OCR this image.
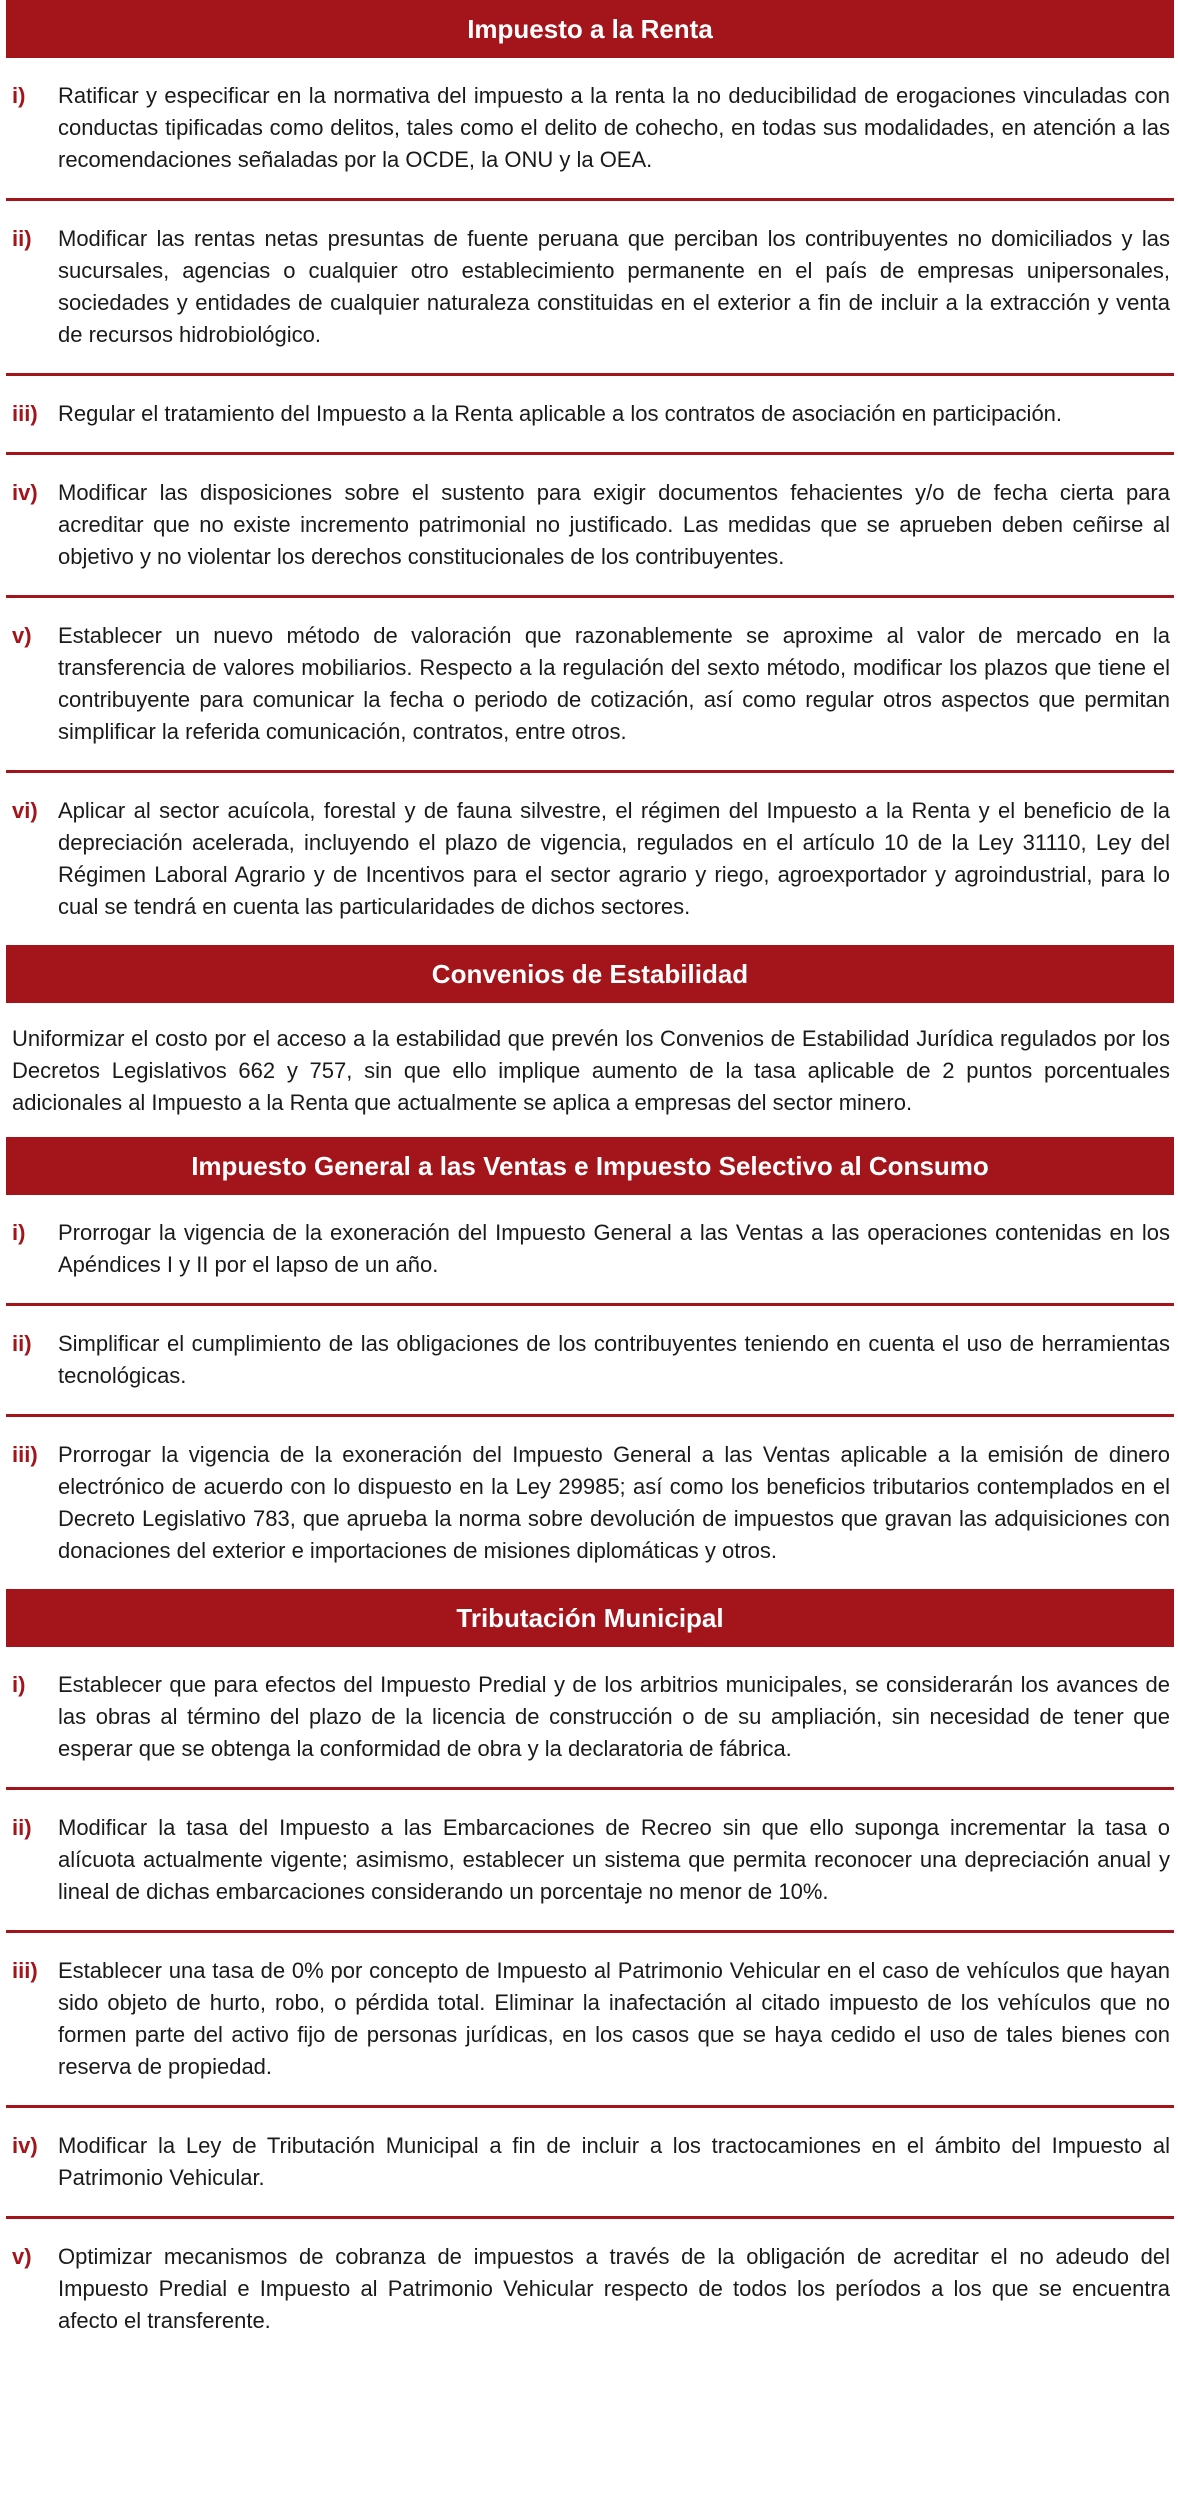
Impuesto a la Renta
i)	Ratificar y especificar en la normativa del impuesto a la renta la no deducibilidad de erogaciones vinculadas con conductas tipificadas como delitos, tales como el delito de cohecho, en todas sus modalidades, en atención a las recomendaciones señaladas por la OCDE, la ONU y la OEA.
ii)	Modificar las rentas netas presuntas de fuente peruana que perciban los contribuyentes no domiciliados y las sucursales, agencias o cualquier otro establecimiento permanente en el país de empresas unipersonales, sociedades y entidades de cualquier naturaleza constituidas en el exterior a fin de incluir a la extracción y venta de recursos hidrobiológico.
iii) Regular el tratamiento del Impuesto a la Renta aplicable a los contratos de asociación en participación.
iv) Modificar las disposiciones sobre el sustento para exigir documentos fehacientes y/o de fecha cierta para acreditar que no existe incremento patrimonial no justificado. Las medidas que se aprueben deben ceñirse al objetivo y no violentar los derechos constitucionales de los contribuyentes.
v)	Establecer un nuevo método de valoración que razonablemente se aproxime al valor de mercado en la transferencia de valores mobiliarios. Respecto a la regulación del sexto método, modificar los plazos que tiene el contribuyente para comunicar la fecha o periodo de cotización, así como regular otros aspectos que permitan simplificar la referida comunicación, contratos, entre otros.
vi) Aplicar al sector acuícola, forestal y de fauna silvestre, el régimen del Impuesto a la Renta y el beneficio de la depreciación acelerada, incluyendo el plazo de vigencia, regulados en el artículo 10 de la Ley 31110, Ley del Régimen Laboral Agrario y de Incentivos para el sector agrario y riego, agroexportador y agroindustrial, para lo cual se tendrá en cuenta las particularidades de dichos sectores.
Convenios de Estabilidad
Uniformizar el costo por el acceso a la estabilidad que prevén los Convenios de Estabilidad Jurídica regulados por los Decretos Legislativos 662 y 757, sin que ello implique aumento de la tasa aplicable de 2 puntos porcentuales adicionales al Impuesto a la Renta que actualmente se aplica a empresas del sector minero.
Impuesto General a las Ventas e Impuesto Selectivo al Consumo
i)	Prorrogar la vigencia de la exoneración del Impuesto General a las Ventas a las operaciones contenidas en los Apéndices I y II por el lapso de un año.
ii)	Simplificar el cumplimiento de las obligaciones de los contribuyentes teniendo en cuenta el uso de herramientas tecnológicas.
iii) Prorrogar la vigencia de la exoneración del Impuesto General a las Ventas aplicable a la emisión de dinero electrónico de acuerdo con lo dispuesto en la Ley 29985; así como los beneficios tributarios contemplados en el Decreto Legislativo 783, que aprueba la norma sobre devolución de impuestos que gravan las adquisiciones con donaciones del exterior e importaciones de misiones diplomáticas y otros.
Tributación Municipal
i)	Establecer que para efectos del Impuesto Predial y de los arbitrios municipales, se considerarán los avances de las obras al término del plazo de la licencia de construcción o de su ampliación, sin necesidad de tener que esperar que se obtenga la conformidad de obra y la declaratoria de fábrica.
ii)	Modificar la tasa del Impuesto a las Embarcaciones de Recreo sin que ello suponga incrementar la tasa o alícuota actualmente vigente; asimismo, establecer un sistema que permita reconocer una depreciación anual y lineal de dichas embarcaciones considerando un porcentaje no menor de 10%.
iii) Establecer una tasa de 0% por concepto de Impuesto al Patrimonio Vehicular en el caso de vehículos que hayan sido objeto de hurto, robo, o pérdida total. Eliminar la inafectación al citado impuesto de los vehículos que no formen parte del activo fijo de personas jurídicas, en los casos que se haya cedido el uso de tales bienes con reserva de propiedad.
iv) Modificar la Ley de Tributación Municipal a fin de incluir a los tractocamiones en el ámbito del Impuesto al Patrimonio Vehicular.
v)	Optimizar mecanismos de cobranza de impuestos a través de la obligación de acreditar el no adeudo del Impuesto Predial e Impuesto al Patrimonio Vehicular respecto de todos los períodos a los que se encuentra afecto el transferente.
